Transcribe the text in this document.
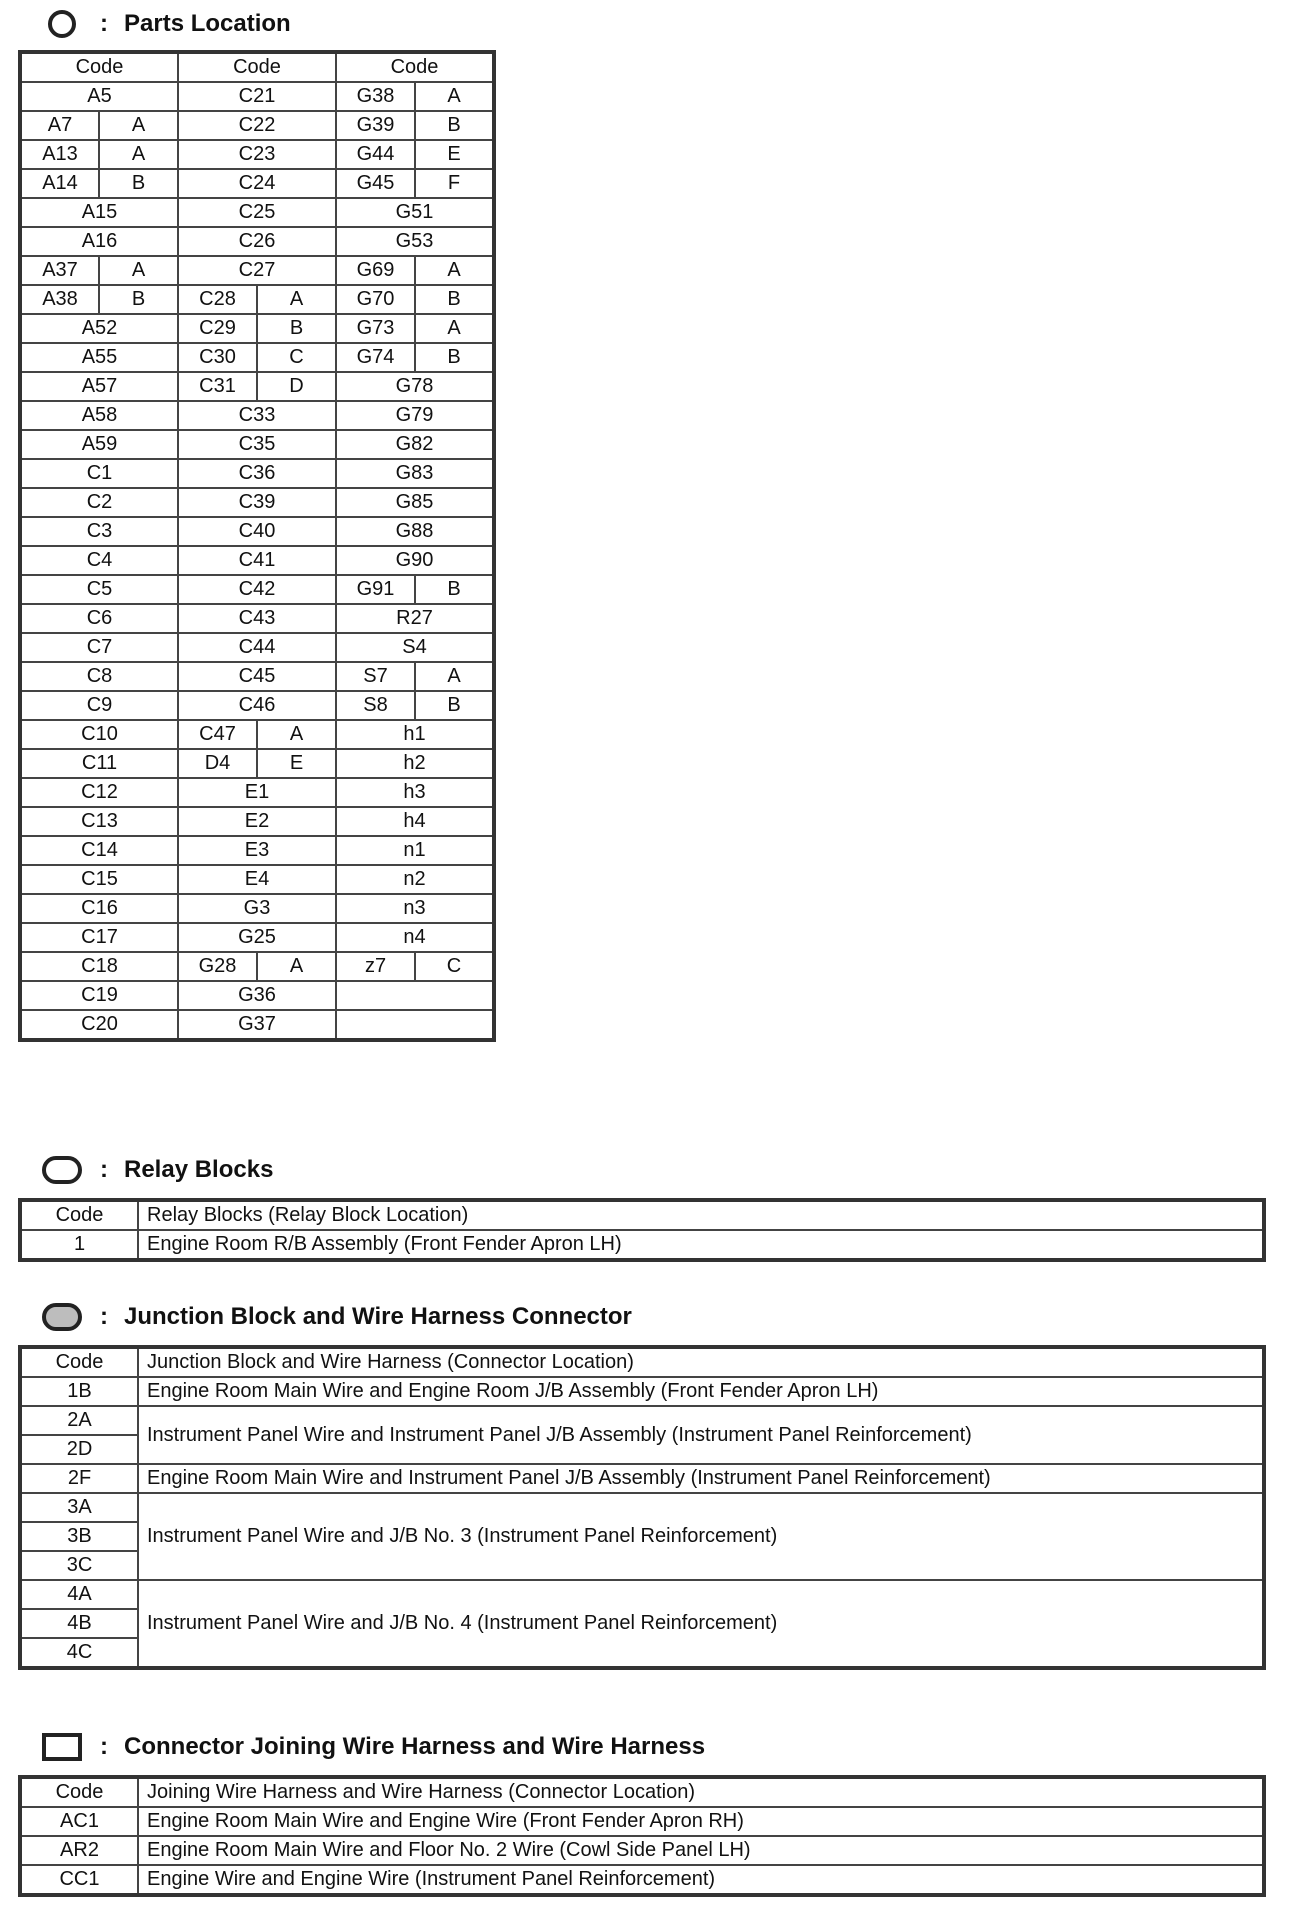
: Parts Location
Code		Code		Code	
A5		C21		G38	A
A7	A	C22		G39	B
A13	A	C23		G44	E
A14	B	C24		G45	F
A15		C25		G51	
A16		C26		G53	
A37	A	C27		G69	A
A38	B	C28	A	G70	B
A52		C29	B	G73	A
A55		C30	C	G74	B
A57		C31	D	G78	
A58		C33		G79	
A59		C35		G82	
C1		C36		G83	
C2		C39		G85	
C3		C40		G88	
C4		C41		G90	
C5		C42		G91	B
C6		C43		R27	
C7		C44		S4	
C8		C45		S7	A
C9		C46		S8	B
C10		C47	A	h1	
C11		D4	E	h2	
C12		E1		h3	
C13		E2		h4	
C14		E3		n1	
C15		E4		n2	
C16		G3		n3	
C17		G25		n4	
C18		G28	A	z7	C
C19		G36			
C20		G37			
: Relay Blocks
Code	Relay Blocks (Relay Block Location)
1	Engine Room R/B Assembly (Front Fender Apron LH)
: Junction Block and Wire Harness Connector
Code	Junction Block and Wire Harness (Connector Location)
1B	Engine Room Main Wire and Engine Room J/B Assembly (Front Fender Apron LH)
2A	Instrument Panel Wire and Instrument Panel J/B Assembly (Instrument Panel Reinforcement)
2D	
2F	Engine Room Main Wire and Instrument Panel J/B Assembly (Instrument Panel Reinforcement)
3A	Instrument Panel Wire and J/B No. 3 (Instrument Panel Reinforcement)
3B	
3C	
4A	Instrument Panel Wire and J/B No. 4 (Instrument Panel Reinforcement)
4B	
4C	
: Connector Joining Wire Harness and Wire Harness
Code	Joining Wire Harness and Wire Harness (Connector Location)
AC1	Engine Room Main Wire and Engine Wire (Front Fender Apron RH)
AR2	Engine Room Main Wire and Floor No. 2 Wire (Cowl Side Panel LH)
CC1	Engine Wire and Engine Wire (Instrument Panel Reinforcement)
